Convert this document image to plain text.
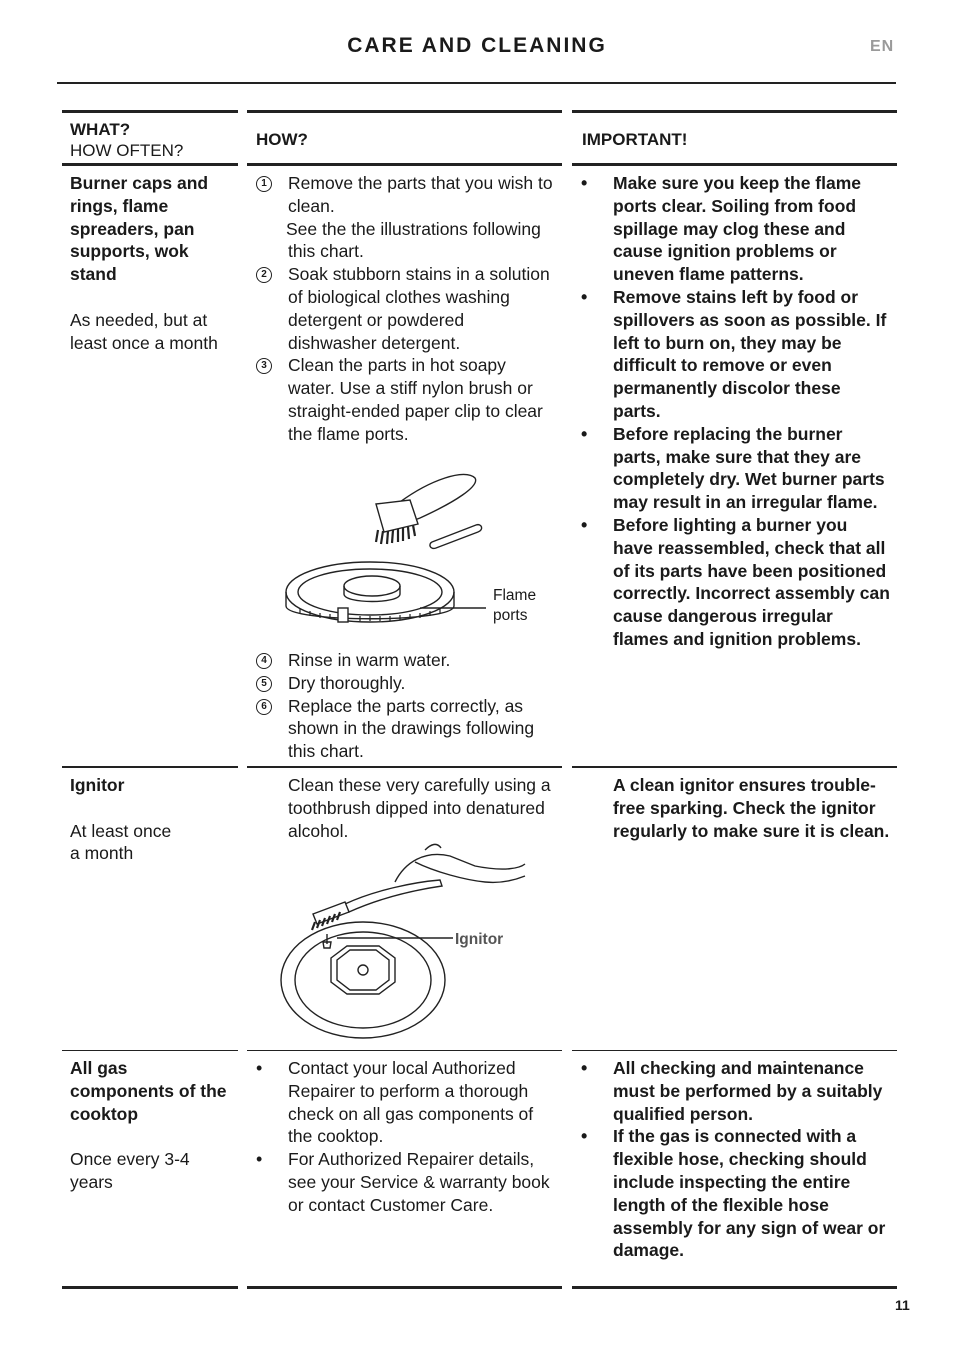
CARE AND CLEANING	EN
WHAT?
HOW OFTEN?
HOW?	IMPORTANT!
Burner caps and rings, flame spreaders, pan supports, wok stand
As needed, but at least once a month
1 Remove the parts that you wish to clean.
See the the illustrations following this chart.
2 Soak stubborn stains in a solution of biological clothes washing detergent or powdered dishwasher detergent.
3 Clean the parts in hot soapy water. Use a stiff nylon brush or straight-ended paper clip to clear the flame ports.
Flame
ports
4 Rinse in warm water.
5 Dry thoroughly.
6 Replace the parts correctly, as shown in the drawings following this chart.
• Make sure you keep the flame ports clear. Soiling from food spillage may clog these and cause ignition problems or uneven flame patterns.
• Remove stains left by food or spillovers as soon as possible. If left to burn on, they may be difficult to remove or even permanently discolor these parts.
• Before replacing the burner parts, make sure that they are completely dry. Wet burner parts may result in an irregular flame.
• Before lighting a burner you have reassembled, check that all of its parts have been positioned correctly. Incorrect assembly can cause dangerous irregular flames and ignition problems.
Ignitor
At least once a month
Clean these very carefully using a toothbrush dipped into denatured alcohol.
Ignitor
A clean ignitor ensures trouble-free sparking. Check the ignitor regularly to make sure it is clean.
All gas components of the cooktop
Once every 3-4 years
• Contact your local Authorized Repairer to perform a thorough check on all gas components of the cooktop.
• For Authorized Repairer details, see your Service & warranty book or contact Customer Care.
• All checking and maintenance must be performed by a suitably qualified person.
• If the gas is connected with a flexible hose, checking should include inspecting the entire length of the flexible hose assembly for any sign of wear or damage.
11
